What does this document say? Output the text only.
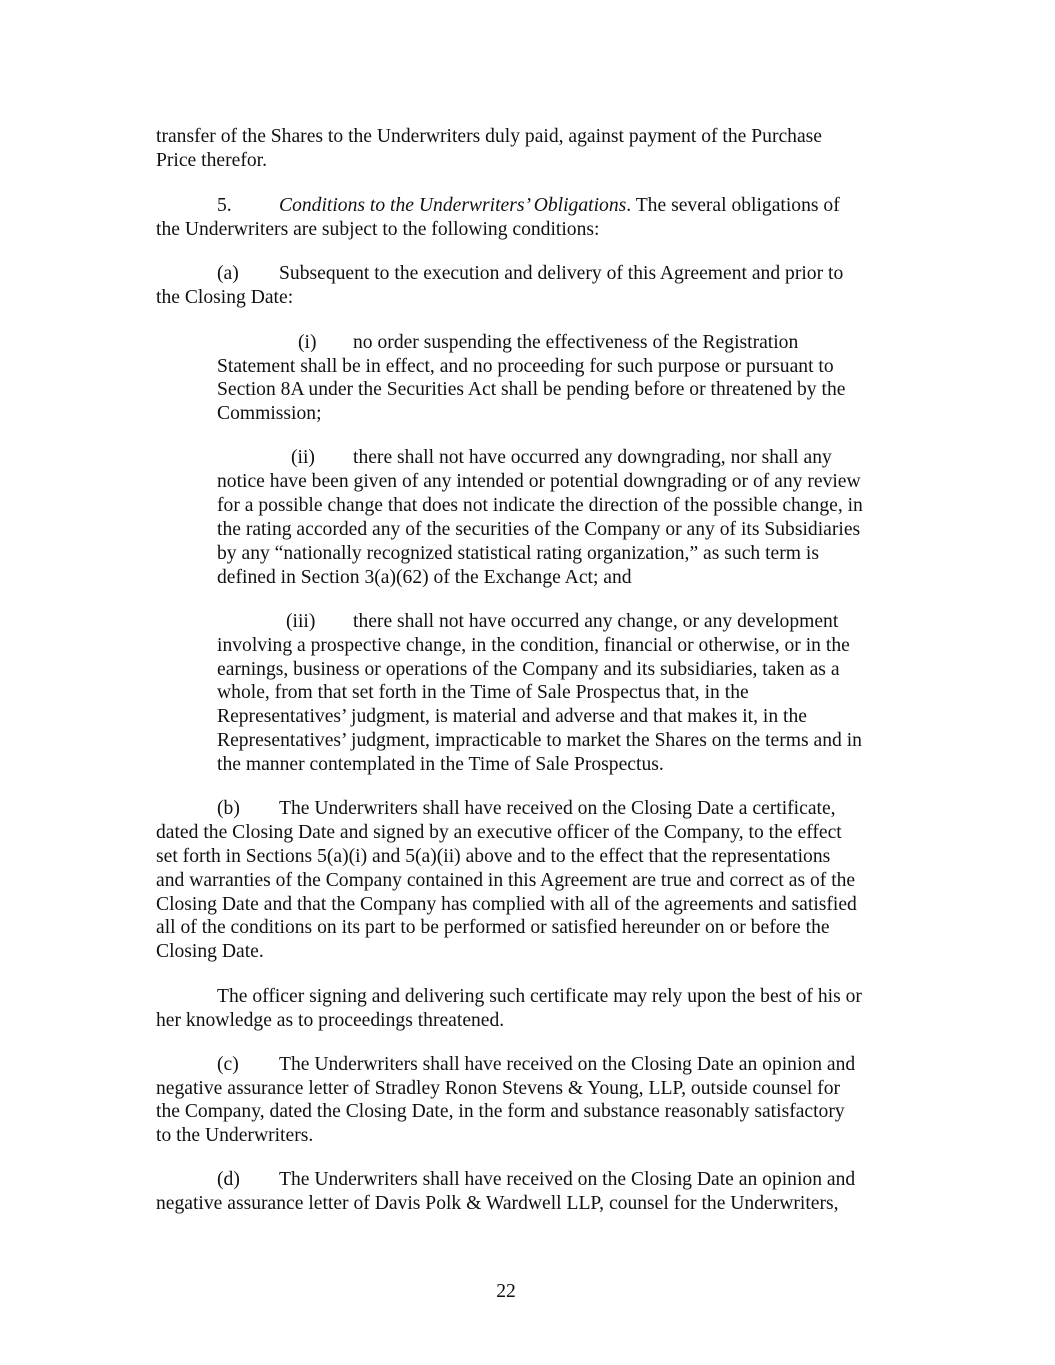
transfer of the Shares to the Underwriters duly paid, against payment of the Purchase
Price therefor.
5. Conditions to the Underwriters’ Obligations. The several obligations of
the Underwriters are subject to the following conditions:
(a) Subsequent to the execution and delivery of this Agreement and prior to
the Closing Date:
(i) no order suspending the effectiveness of the Registration
Statement shall be in effect, and no proceeding for such purpose or pursuant to
Section 8A under the Securities Act shall be pending before or threatened by the
Commission;
(ii) there shall not have occurred any downgrading, nor shall any
notice have been given of any intended or potential downgrading or of any review
for a possible change that does not indicate the direction of the possible change, in
the rating accorded any of the securities of the Company or any of its Subsidiaries
by any “nationally recognized statistical rating organization,” as such term is
defined in Section 3(a)(62) of the Exchange Act; and
(iii) there shall not have occurred any change, or any development
involving a prospective change, in the condition, financial or otherwise, or in the
earnings, business or operations of the Company and its subsidiaries, taken as a
whole, from that set forth in the Time of Sale Prospectus that, in the
Representatives’ judgment, is material and adverse and that makes it, in the
Representatives’ judgment, impracticable to market the Shares on the terms and in
the manner contemplated in the Time of Sale Prospectus.
(b) The Underwriters shall have received on the Closing Date a certificate,
dated the Closing Date and signed by an executive officer of the Company, to the effect
set forth in Sections 5(a)(i) and 5(a)(ii) above and to the effect that the representations
and warranties of the Company contained in this Agreement are true and correct as of the
Closing Date and that the Company has complied with all of the agreements and satisfied
all of the conditions on its part to be performed or satisfied hereunder on or before the
Closing Date.
The officer signing and delivering such certificate may rely upon the best of his or
her knowledge as to proceedings threatened.
(c) The Underwriters shall have received on the Closing Date an opinion and
negative assurance letter of Stradley Ronon Stevens & Young, LLP, outside counsel for
the Company, dated the Closing Date, in the form and substance reasonably satisfactory
to the Underwriters.
(d) The Underwriters shall have received on the Closing Date an opinion and
negative assurance letter of Davis Polk & Wardwell LLP, counsel for the Underwriters,
22
